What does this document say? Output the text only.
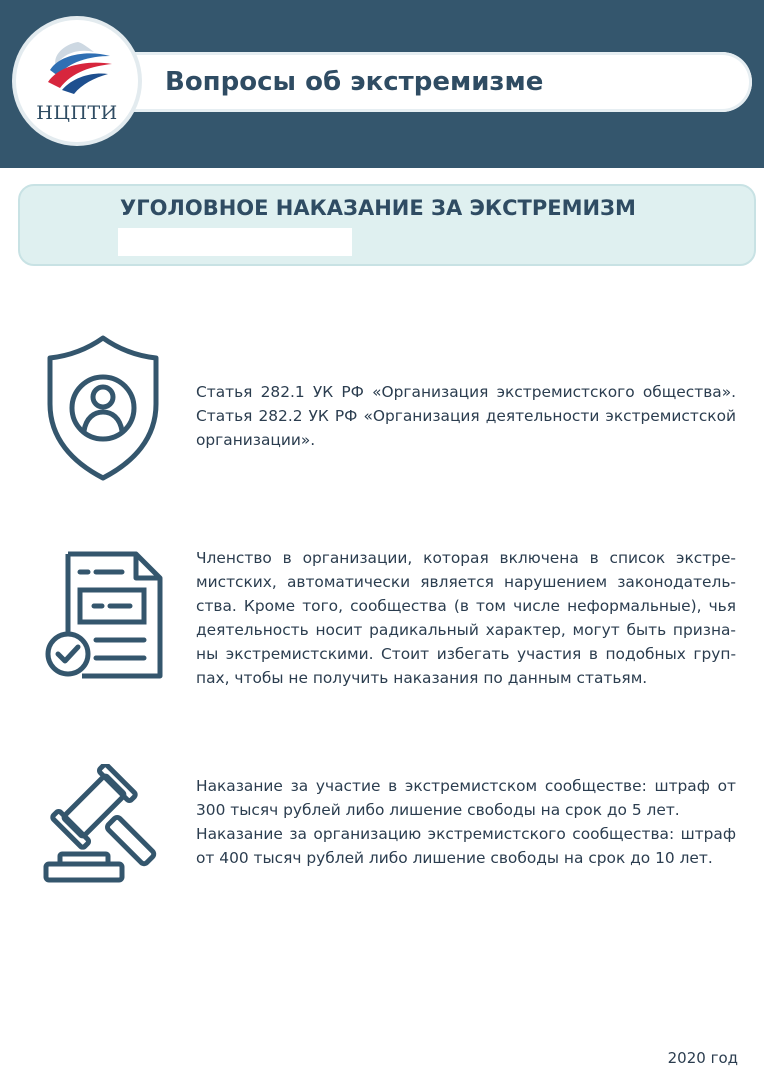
Вопросы об экстремизме
НЦПТИ
УГОЛОВНОЕ НАКАЗАНИЕ ЗА ЭКСТРЕМИЗМ

Статья 282.1 УК РФ «Организация экстремистского общества».
Статья 282.2 УК РФ «Организация деятельности экстремистской
организации».

Членство в организации, которая включена в список экстре-
мистских, автоматически является нарушением законодатель-
ства. Кроме того, сообщества (в том числе неформальные), чья
деятельность носит радикальный характер, могут быть призна-
ны экстремистскими. Стоит избегать участия в подобных груп-
пах, чтобы не получить наказания по данным статьям.

Наказание за участие в экстремистском сообществе: штраф от
300 тысяч рублей либо лишение свободы на срок до 5 лет.
Наказание за организацию экстремистского сообщества: штраф
от 400 тысяч рублей либо лишение свободы на срок до 10 лет.

2020 год
